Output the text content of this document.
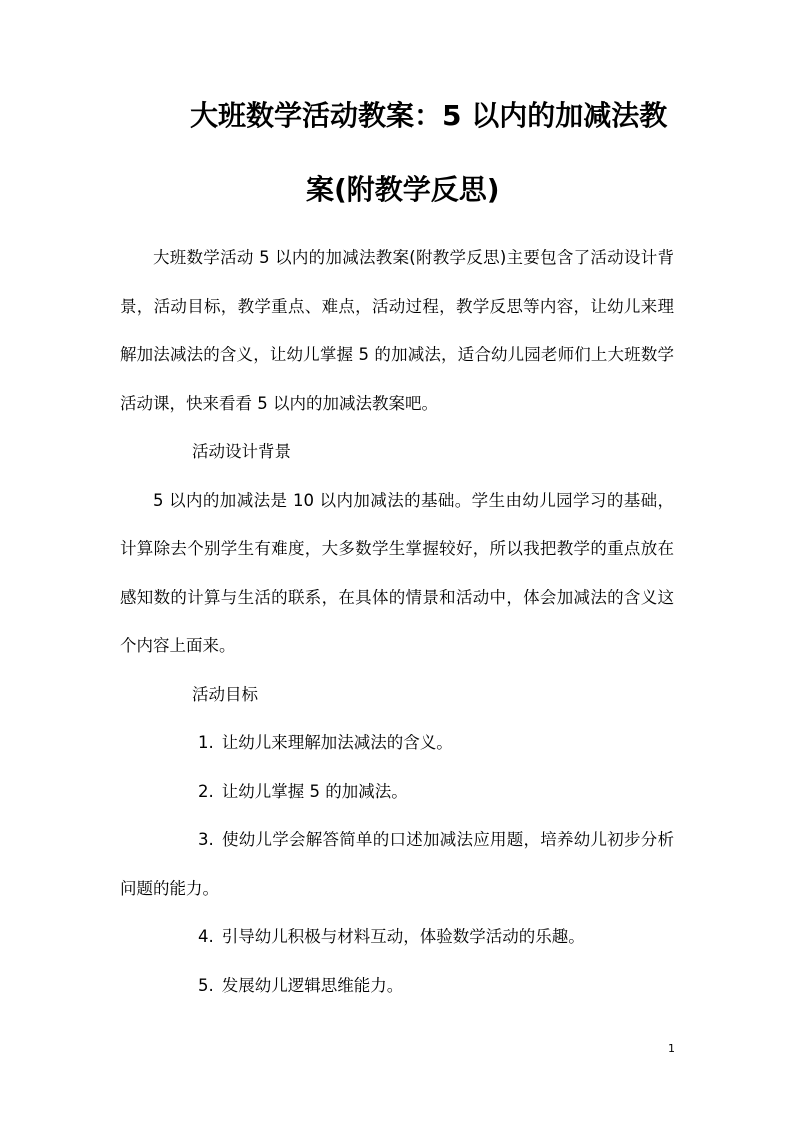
大班数学活动教案：5 以内的加减法教
案(附教学反思)

大班数学活动 5 以内的加减法教案(附教学反思)主要包含了活动设计背景，活动目标，教学重点、难点，活动过程，教学反思等内容，让幼儿来理解加法减法的含义，让幼儿掌握 5 的加减法，适合幼儿园老师们上大班数学活动课，快来看看 5 以内的加减法教案吧。

活动设计背景

5 以内的加减法是 10 以内加减法的基础。学生由幼儿园学习的基础，计算除去个别学生有难度，大多数学生掌握较好，所以我把教学的重点放在感知数的计算与生活的联系，在具体的情景和活动中，体会加减法的含义这个内容上面来。

活动目标

1. 让幼儿来理解加法减法的含义。

2. 让幼儿掌握 5 的加减法。

3. 使幼儿学会解答简单的口述加减法应用题，培养幼儿初步分析 问题的能力。

4. 引导幼儿积极与材料互动，体验数学活动的乐趣。

5. 发展幼儿逻辑思维能力。

1
